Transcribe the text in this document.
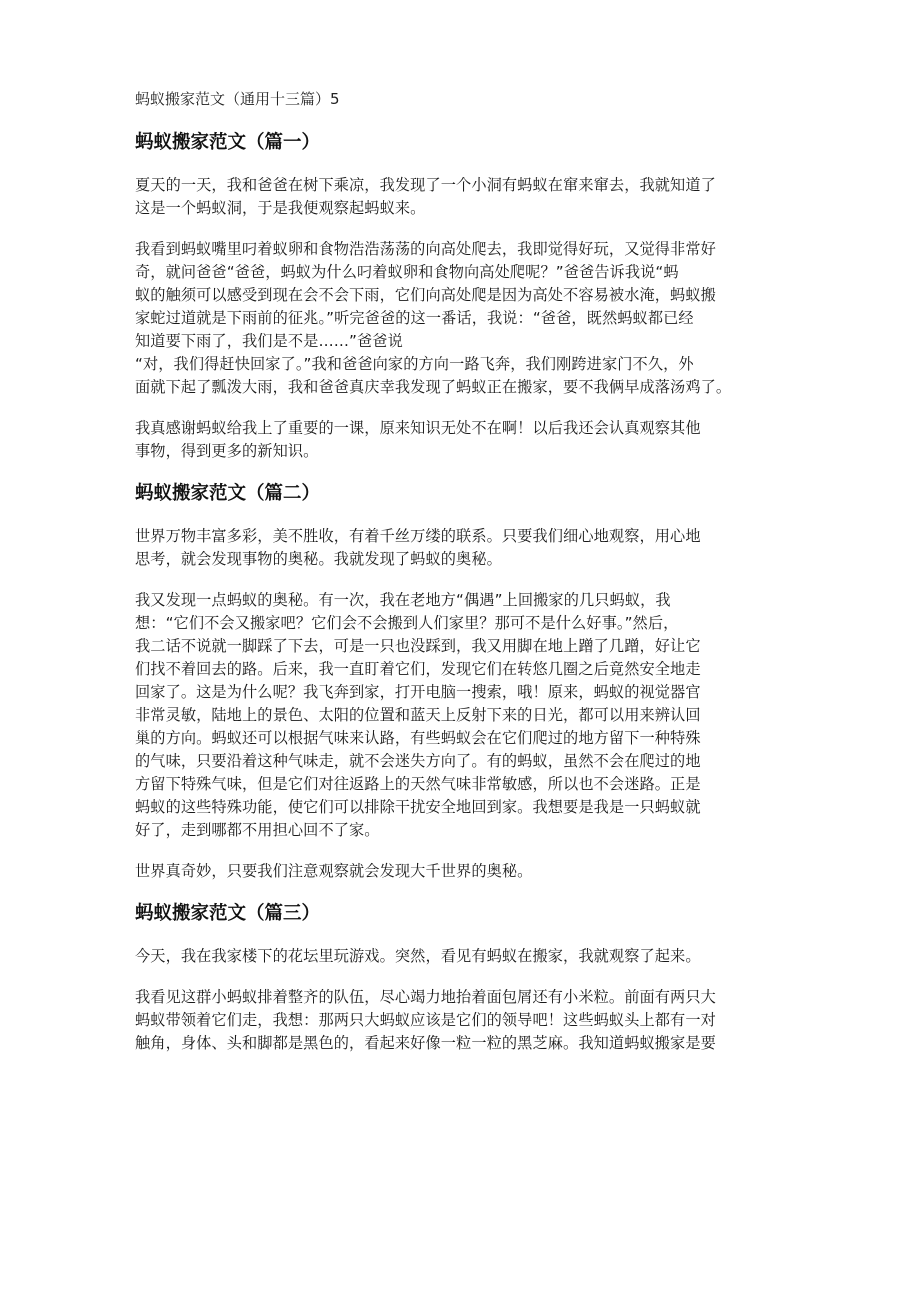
蚂蚁搬家范文（通用十三篇）5
蚂蚁搬家范文（篇一）
夏天的一天，我和爸爸在树下乘凉，我发现了一个小洞有蚂蚁在窜来窜去，我就知道了
这是一个蚂蚁洞，于是我便观察起蚂蚁来。
我看到蚂蚁嘴里叼着蚁卵和食物浩浩荡荡的向高处爬去，我即觉得好玩，又觉得非常好
奇，就问爸爸“爸爸，蚂蚁为什么叼着蚁卵和食物向高处爬呢？”爸爸告诉我说“蚂
蚁的触须可以感受到现在会不会下雨，它们向高处爬是因为高处不容易被水淹，蚂蚁搬
家蛇过道就是下雨前的征兆。”听完爸爸的这一番话，我说：“爸爸，既然蚂蚁都已经
知道要下雨了，我们是不是……”爸爸说
“对，我们得赶快回家了。”我和爸爸向家的方向一路飞奔，我们刚跨进家门不久，外
面就下起了瓢泼大雨，我和爸爸真庆幸我发现了蚂蚁正在搬家，要不我俩早成落汤鸡了。
我真感谢蚂蚁给我上了重要的一课，原来知识无处不在啊！以后我还会认真观察其他
事物，得到更多的新知识。
蚂蚁搬家范文（篇二）
世界万物丰富多彩，美不胜收，有着千丝万缕的联系。只要我们细心地观察，用心地
思考，就会发现事物的奥秘。我就发现了蚂蚁的奥秘。
我又发现一点蚂蚁的奥秘。有一次，我在老地方“偶遇”上回搬家的几只蚂蚁，我
想：“它们不会又搬家吧？它们会不会搬到人们家里？那可不是什么好事。”然后，
我二话不说就一脚踩了下去，可是一只也没踩到，我又用脚在地上蹭了几蹭，好让它
们找不着回去的路。后来，我一直盯着它们，发现它们在转悠几圈之后竟然安全地走
回家了。这是为什么呢？我飞奔到家，打开电脑一搜索，哦！原来，蚂蚁的视觉器官
非常灵敏，陆地上的景色、太阳的位置和蓝天上反射下来的日光，都可以用来辨认回
巢的方向。蚂蚁还可以根据气味来认路，有些蚂蚁会在它们爬过的地方留下一种特殊
的气味，只要沿着这种气味走，就不会迷失方向了。有的蚂蚁，虽然不会在爬过的地
方留下特殊气味，但是它们对往返路上的天然气味非常敏感，所以也不会迷路。正是
蚂蚁的这些特殊功能，使它们可以排除干扰安全地回到家。我想要是我是一只蚂蚁就
好了，走到哪都不用担心回不了家。
世界真奇妙，只要我们注意观察就会发现大千世界的奥秘。
蚂蚁搬家范文（篇三）
今天，我在我家楼下的花坛里玩游戏。突然，看见有蚂蚁在搬家，我就观察了起来。
我看见这群小蚂蚁排着整齐的队伍，尽心竭力地抬着面包屑还有小米粒。前面有两只大
蚂蚁带领着它们走，我想：那两只大蚂蚁应该是它们的领导吧！这些蚂蚁头上都有一对
触角，身体、头和脚都是黑色的，看起来好像一粒一粒的黑芝麻。我知道蚂蚁搬家是要
